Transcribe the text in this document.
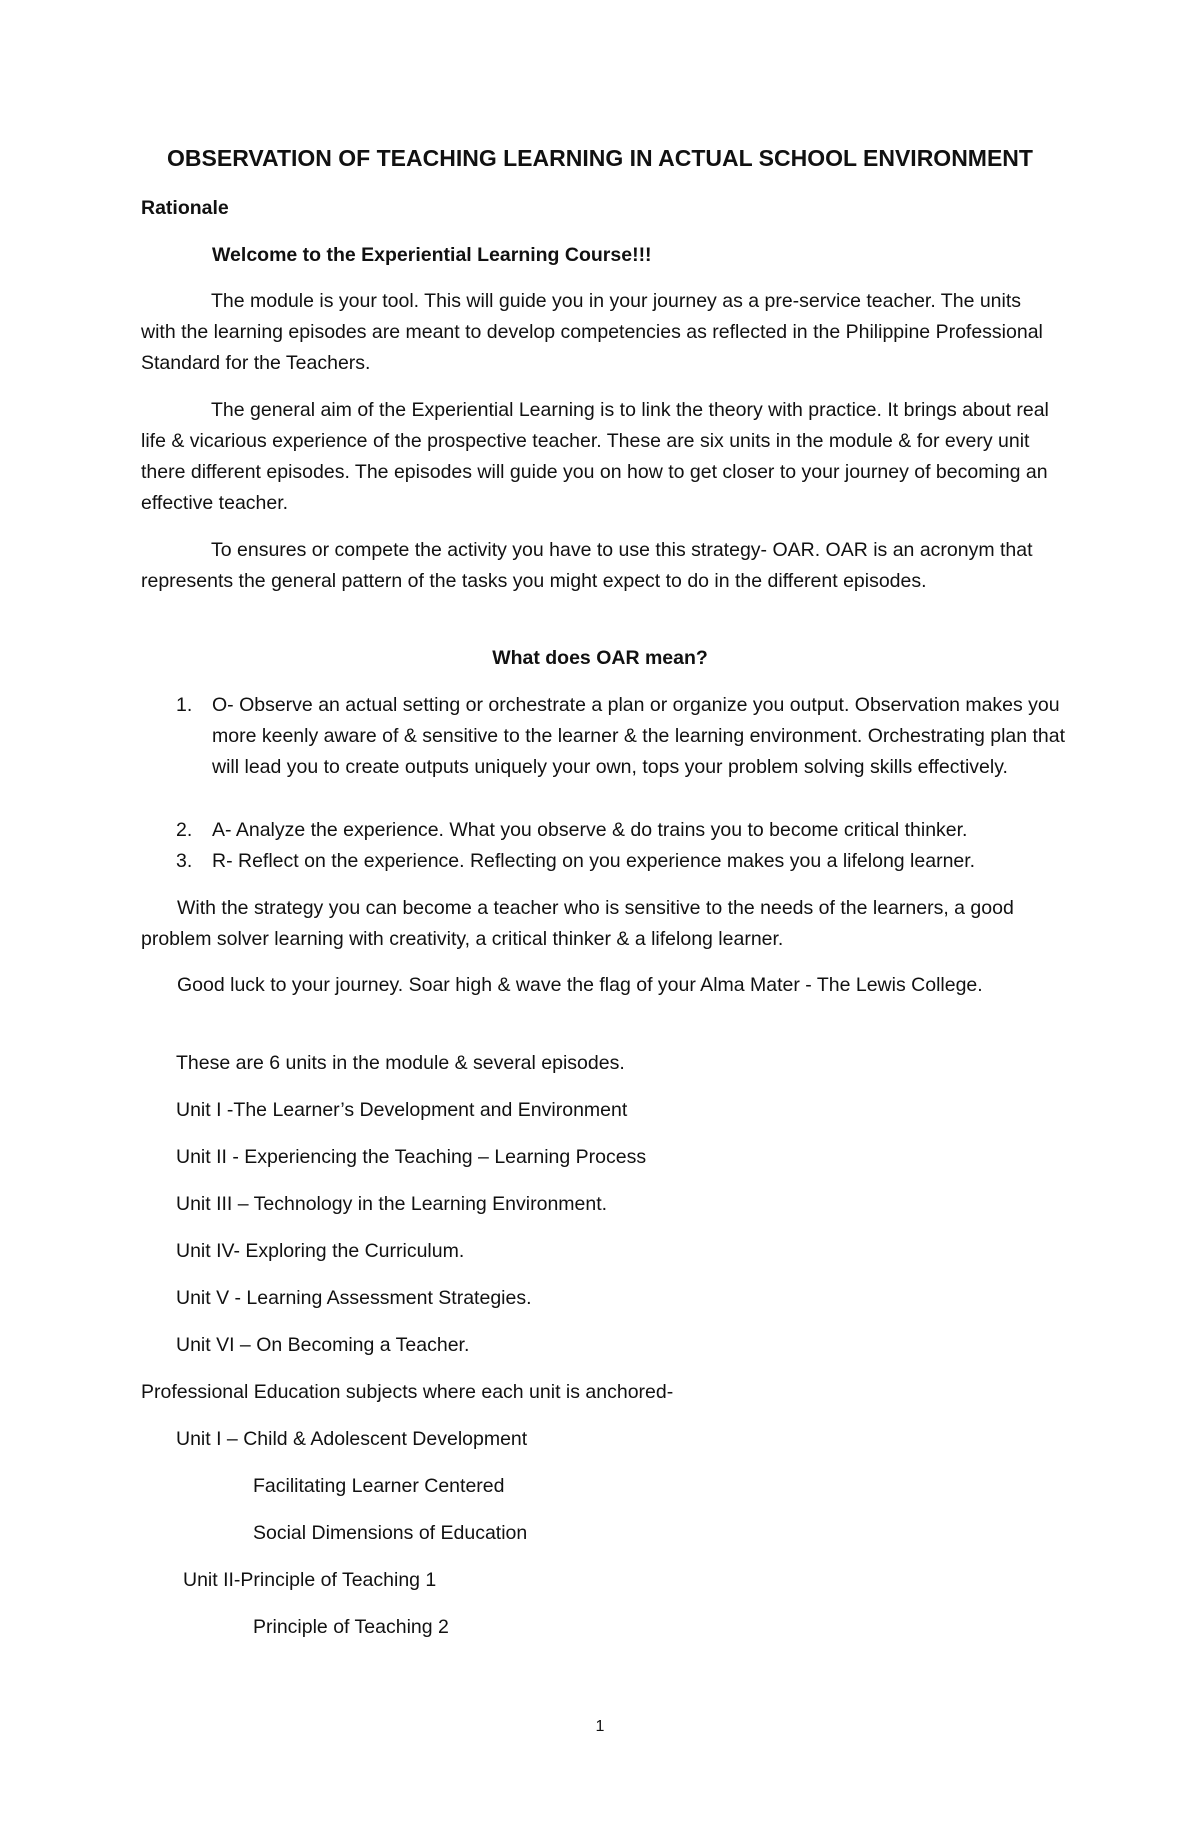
OBSERVATION OF TEACHING LEARNING IN ACTUAL SCHOOL ENVIRONMENT
Rationale
Welcome to the Experiential Learning Course!!!
The module is your tool. This will guide you in your journey as a pre-service teacher. The units with the learning episodes are meant to develop competencies as reflected in the Philippine Professional Standard for the Teachers.
The general aim of the Experiential Learning is to link the theory with practice. It brings about real life & vicarious experience of the prospective teacher. These are six units in the module & for every unit there different episodes. The episodes will guide you on how to get closer to your journey of becoming an effective teacher.
To ensures or compete the activity you have to use this strategy- OAR. OAR is an acronym that represents the general pattern of the tasks you might expect to do in the different episodes.
What does OAR mean?
1. O- Observe an actual setting or orchestrate a plan or organize you output. Observation makes you more keenly aware of & sensitive to the learner & the learning environment. Orchestrating plan that will lead you to create outputs uniquely your own, tops your problem solving skills effectively.
2. A- Analyze the experience. What you observe & do trains you to become critical thinker.
3. R- Reflect on the experience. Reflecting on you experience makes you a lifelong learner.
With the strategy you can become a teacher who is sensitive to the needs of the learners, a good problem solver learning with creativity, a critical thinker & a lifelong learner.
Good luck to your journey. Soar high & wave the flag of your Alma Mater - The Lewis College.
These are 6 units in the module & several episodes.
Unit I -The Learner’s Development and Environment
Unit II - Experiencing the Teaching – Learning Process
Unit III – Technology in the Learning Environment.
Unit IV- Exploring the Curriculum.
Unit V - Learning Assessment Strategies.
Unit VI – On Becoming a Teacher.
Professional Education subjects where each unit is anchored-
Unit I – Child & Adolescent Development
Facilitating Learner Centered
Social Dimensions of Education
Unit II-Principle of Teaching 1
Principle of Teaching 2
1
